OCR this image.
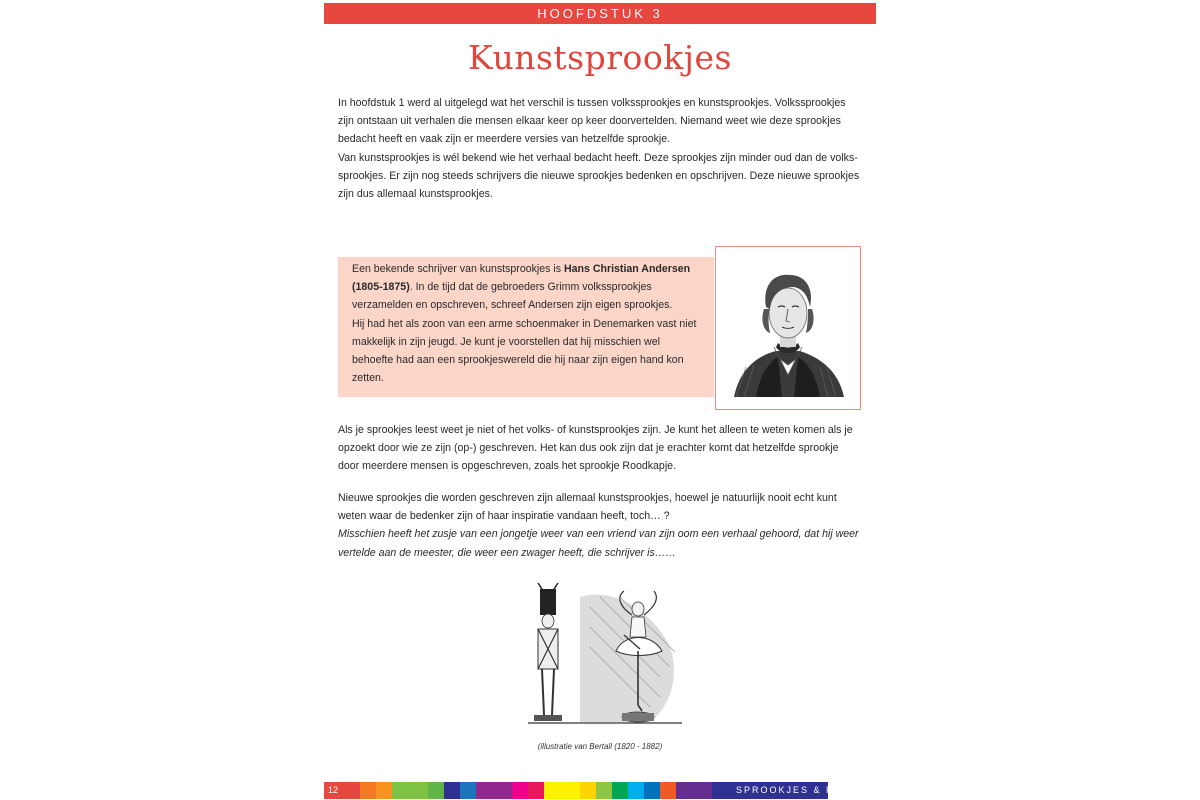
HOOFDSTUK 3
Kunstsprookjes
In hoofdstuk 1 werd al uitgelegd wat het verschil is tussen volkssprookjes en kunstsprookjes. Volkssprookjes zijn ontstaan uit verhalen die mensen elkaar keer op keer doorvertelden. Niemand weet wie deze sprookjes bedacht heeft en vaak zijn er meerdere versies van hetzelfde sprookje.
Van kunstsprookjes is wél bekend wie het verhaal bedacht heeft. Deze sprookjes zijn minder oud dan de volks-sprookjes. Er zijn nog steeds schrijvers die nieuwe sprookjes bedenken en opschrijven. Deze nieuwe sprookjes zijn dus allemaal kunstsprookjes.
Een bekende schrijver van kunstsprookjes is Hans Christian Andersen (1805-1875). In de tijd dat de gebroeders Grimm volkssprookjes verzamelden en opschreven, schreef Andersen zijn eigen sprookjes.
Hij had het als zoon van een arme schoenmaker in Denemarken vast niet makkelijk in zijn jeugd. Je kunt je voorstellen dat hij misschien wel behoefte had aan een sprookjeswereld die hij naar zijn eigen hand kon zetten.
Als je sprookjes leest weet je niet of het volks- of kunstsprookjes zijn. Je kunt het alleen te weten komen als je opzoekt door wie ze zijn (op-) geschreven. Het kan dus ook zijn dat je erachter komt dat hetzelfde sprookje door meerdere mensen is opgeschreven, zoals het sprookje Roodkapje.
Nieuwe sprookjes die worden geschreven zijn allemaal kunstsprookjes, hoewel je natuurlijk nooit echt kunt weten waar de bedenker zijn of haar inspiratie vandaan heeft, toch… ?
Misschien heeft het zusje van een jongetje weer van een vriend van zijn oom een verhaal gehoord, dat hij weer vertelde aan de meester, die weer een zwager heeft, die schrijver is……
(illustratie van Bertall (1820 - 1882)
12	SPROOKJES & FABELS
